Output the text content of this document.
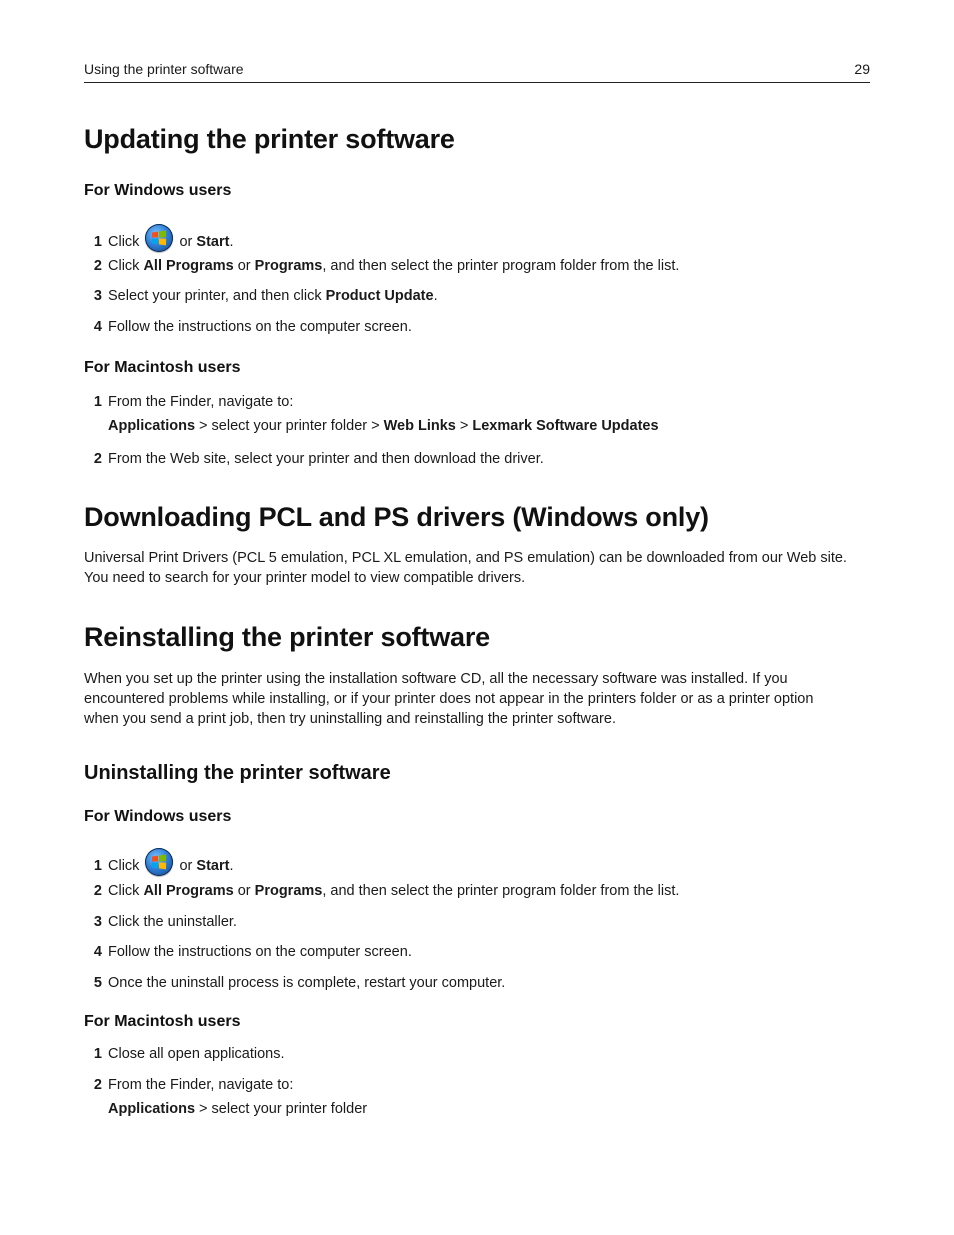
Using the printer software	29
Updating the printer software
For Windows users
1 Click
or Start.
2 Click All Programs or Programs, and then select the printer program folder from the list.
3 Select your printer, and then click Product Update.
4 Follow the instructions on the computer screen.
For Macintosh users
1 From the Finder, navigate to:
Applications > select your printer folder > Web Links > Lexmark Software Updates
2 From the Web site, select your printer and then download the driver.
Downloading PCL and PS drivers (Windows only)

Universal Print Drivers (PCL 5 emulation, PCL XL emulation, and PS emulation) can be downloaded from our Web site.
You need to search for your printer model to view compatible drivers.

Reinstalling the printer software

When you set up the printer using the installation software CD, all the necessary software was installed. If you
encountered problems while installing, or if your printer does not appear in the printers folder or as a printer option
when you send a print job, then try uninstalling and reinstalling the printer software.

Uninstalling the printer software
For Windows users
1 Click
or Start.
2 Click All Programs or Programs, and then select the printer program folder from the list.
3 Click the uninstaller.
4 Follow the instructions on the computer screen.
5 Once the uninstall process is complete, restart your computer.
For Macintosh users
1 Close all open applications.
2 From the Finder, navigate to:
Applications > select your printer folder
